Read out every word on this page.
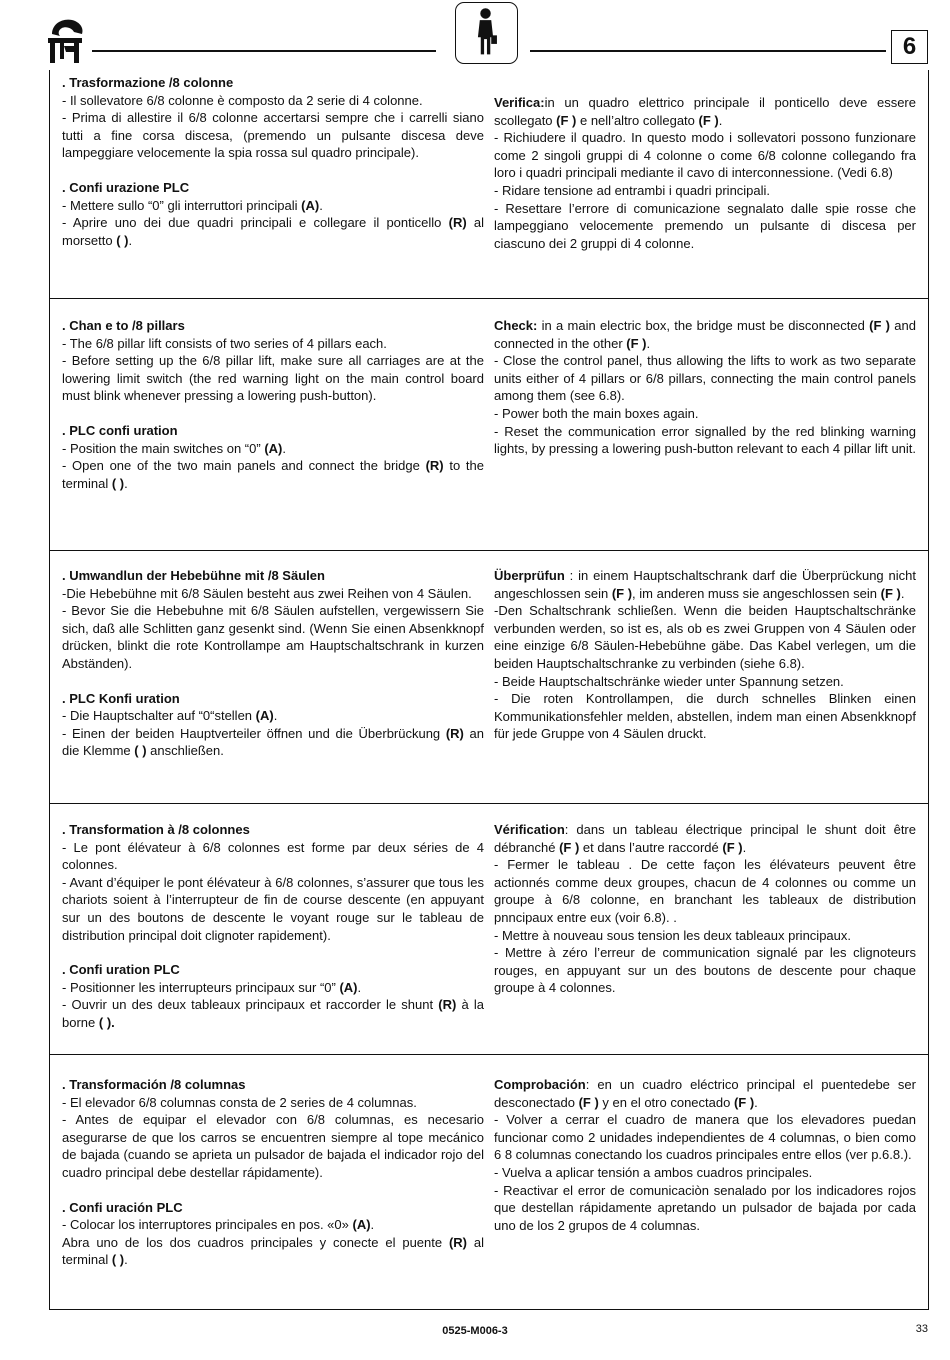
6

. Trasformazione /8 colonne

- Il sollevatore 6/8 colonne è composto da 2 serie di 4 colonne.

- Prima di allestire il 6/8 colonne accertarsi sempre che i carrelli siano tutti a fine corsa discesa, (premendo un pulsante discesa deve lampeggiare velocemente la spia rossa sul quadro principale).

. Confi urazione PLC

- Mettere sullo “0” gli interruttori principali (A).

- Aprire uno dei due quadri principali e collegare il ponticello (R) al morsetto ( ).

Verifica:in un quadro elettrico principale il ponticello deve essere scollegato (F ) e nell’altro collegato (F ).

- Richiudere il quadro. In questo modo i sollevatori possono funzionare come 2 singoli gruppi di 4 colonne o come 6/8 colonne collegando fra loro i quadri principali mediante il cavo di interconnessione. (Vedi 6.8)

- Ridare tensione ad entrambi i quadri principali.

- Resettare l’errore di comunicazione segnalato dalle spie rosse che lampeggiano velocemente premendo un pulsante di discesa per ciascuno dei 2 gruppi di 4 colonne.

. Chan e to /8 pillars

- The 6/8 pillar lift consists of two series of 4 pillars each.

- Before setting up the 6/8 pillar lift, make sure all carriages are at the lowering limit switch (the red warning light on the main control board must blink whenever pressing a lowering push-button).

. PLC confi uration

- Position the main switches on “0” (A).

- Open one of the two main panels and connect the bridge (R) to the terminal ( ).

Check: in a main electric box, the bridge must be disconnected (F ) and connected in the other (F ).

- Close the control panel, thus allowing the lifts to work as two separate units either of 4 pillars or 6/8 pillars, connecting the main control panels among them (see 6.8).

- Power both the main boxes again.

- Reset the communication error signalled by the red blinking warning lights, by pressing a lowering push-button relevant to each 4 pillar lift unit.

. Umwandlun der Hebebühne mit /8 Säulen

-Die Hebebühne mit 6/8 Säulen besteht aus zwei Reihen von 4 Säulen.

- Bevor Sie die Hebebuhne mit 6/8 Säulen aufstellen, vergewissern Sie sich, daß alle Schlitten ganz gesenkt sind. (Wenn Sie einen Absenkknopf drücken, blinkt die rote Kontrollampe am Hauptschaltschrank in kurzen Abständen).

. PLC Konfi uration

- Die Hauptschalter auf “0“stellen (A).

- Einen der beiden Hauptverteiler öffnen und die Überbrückung (R) an die Klemme ( ) anschließen.

Überprüfun : in einem Hauptschaltschrank darf die Überprückung nicht angeschlossen sein (F ), im anderen muss sie angeschlossen sein (F ).

-Den Schaltschrank schließen. Wenn die beiden Hauptschaltschränke verbunden werden, so ist es, als ob es zwei Gruppen von 4 Säulen oder eine einzige 6/8 Säulen-Hebebühne gäbe. Das Kabel verlegen, um die beiden Hauptschaltschranke zu verbinden (siehe 6.8).

- Beide Hauptschaltschränke wieder unter Spannung setzen.

- Die roten Kontrollampen, die durch schnelles Blinken einen Kommunikationsfehler melden, abstellen, indem man einen Absenkknopf für jede Gruppe von 4 Säulen druckt.

. Transformation à /8 colonnes

- Le pont élévateur à 6/8 colonnes est forme par deux séries de 4 colonnes.

- Avant d’équiper le pont élévateur à 6/8 colonnes, s’assurer que tous les chariots soient à l’interrupteur de fin de course descente (en appuyant sur un des boutons de descente le voyant rouge sur le tableau de distribution principal doit clignoter rapidement).

. Confi uration PLC

- Positionner les interrupteurs principaux sur “0” (A).

- Ouvrir un des deux tableaux principaux et raccorder le shunt (R) à la borne ( ).

Vérification: dans un tableau électrique principal le shunt doit être débranché (F ) et dans l’autre raccordé (F ).

- Fermer le tableau . De cette façon les élévateurs peuvent être actionnés comme deux groupes, chacun de 4 colonnes ou comme un groupe à 6/8 colonne, en branchant les tableaux de distribution pnncipaux entre eux (voir 6.8). .

- Mettre à nouveau sous tension les deux tableaux principaux.

- Mettre à zéro l’erreur de communication signalé par les clignoteurs rouges, en appuyant sur un des boutons de descente pour chaque groupe à 4 colonnes.

. Transformación /8 columnas

- El elevador 6/8 columnas consta de 2 series de 4 columnas.

- Antes de equipar el elevador con 6/8 columnas, es necesario asegurarse de que los carros se encuentren siempre al tope mecánico de bajada (cuando se aprieta un pulsador de bajada el indicador rojo del cuadro principal debe destellar rápidamente).

. Confi uración PLC

- Colocar los interruptores principales en pos. «0» (A).

Abra uno de los dos cuadros principales y conecte el puente (R) al terminal ( ).

Comprobación: en un cuadro eléctrico principal el puentedebe ser desconectado (F ) y en el otro conectado (F ).

- Volver a cerrar el cuadro de manera que los elevadores puedan funcionar como 2 unidades independientes de 4 columnas, o bien como 6 8 columnas conectando los cuadros principales entre ellos (ver p.6.8.).

- Vuelva a aplicar tensión a ambos cuadros principales.

- Reactivar el error de comunicaciòn senalado por los indicadores rojos que destellan rápidamente apretando un pulsador de bajada por cada uno de los 2 grupos de 4 columnas.

0525-M006-3	33
